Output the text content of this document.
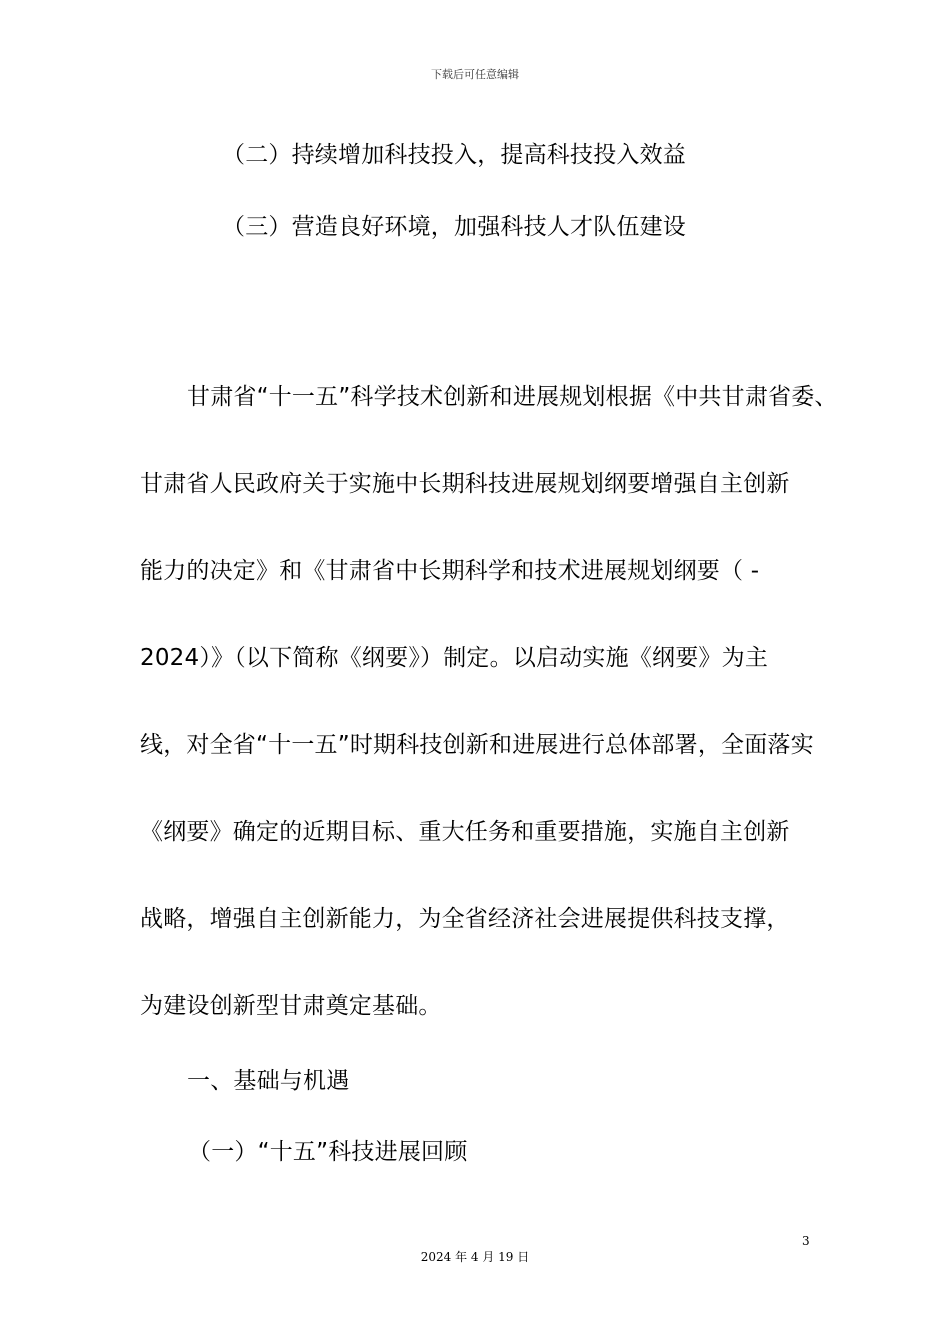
下载后可任意编辑
（二）持续增加科技投入，提高科技投入效益
（三）营造良好环境，加强科技人才队伍建设
甘肃省“十一五”科学技术创新和进展规划根据《中共甘肃省委、
甘肃省人民政府关于实施中长期科技进展规划纲要增强自主创新
能力的决定》和《甘肃省中长期科学和技术进展规划纲要（ -
2024）》（以下简称《纲要》）制定。以启动实施《纲要》为主
线，对全省“十一五”时期科技创新和进展进行总体部署，全面落实
《纲要》确定的近期目标、重大任务和重要措施，实施自主创新
战略，增强自主创新能力，为全省经济社会进展提供科技支撑，
为建设创新型甘肃奠定基础。
一、基础与机遇
（一）“十五”科技进展回顾
3
2024 年 4 月 19 日
